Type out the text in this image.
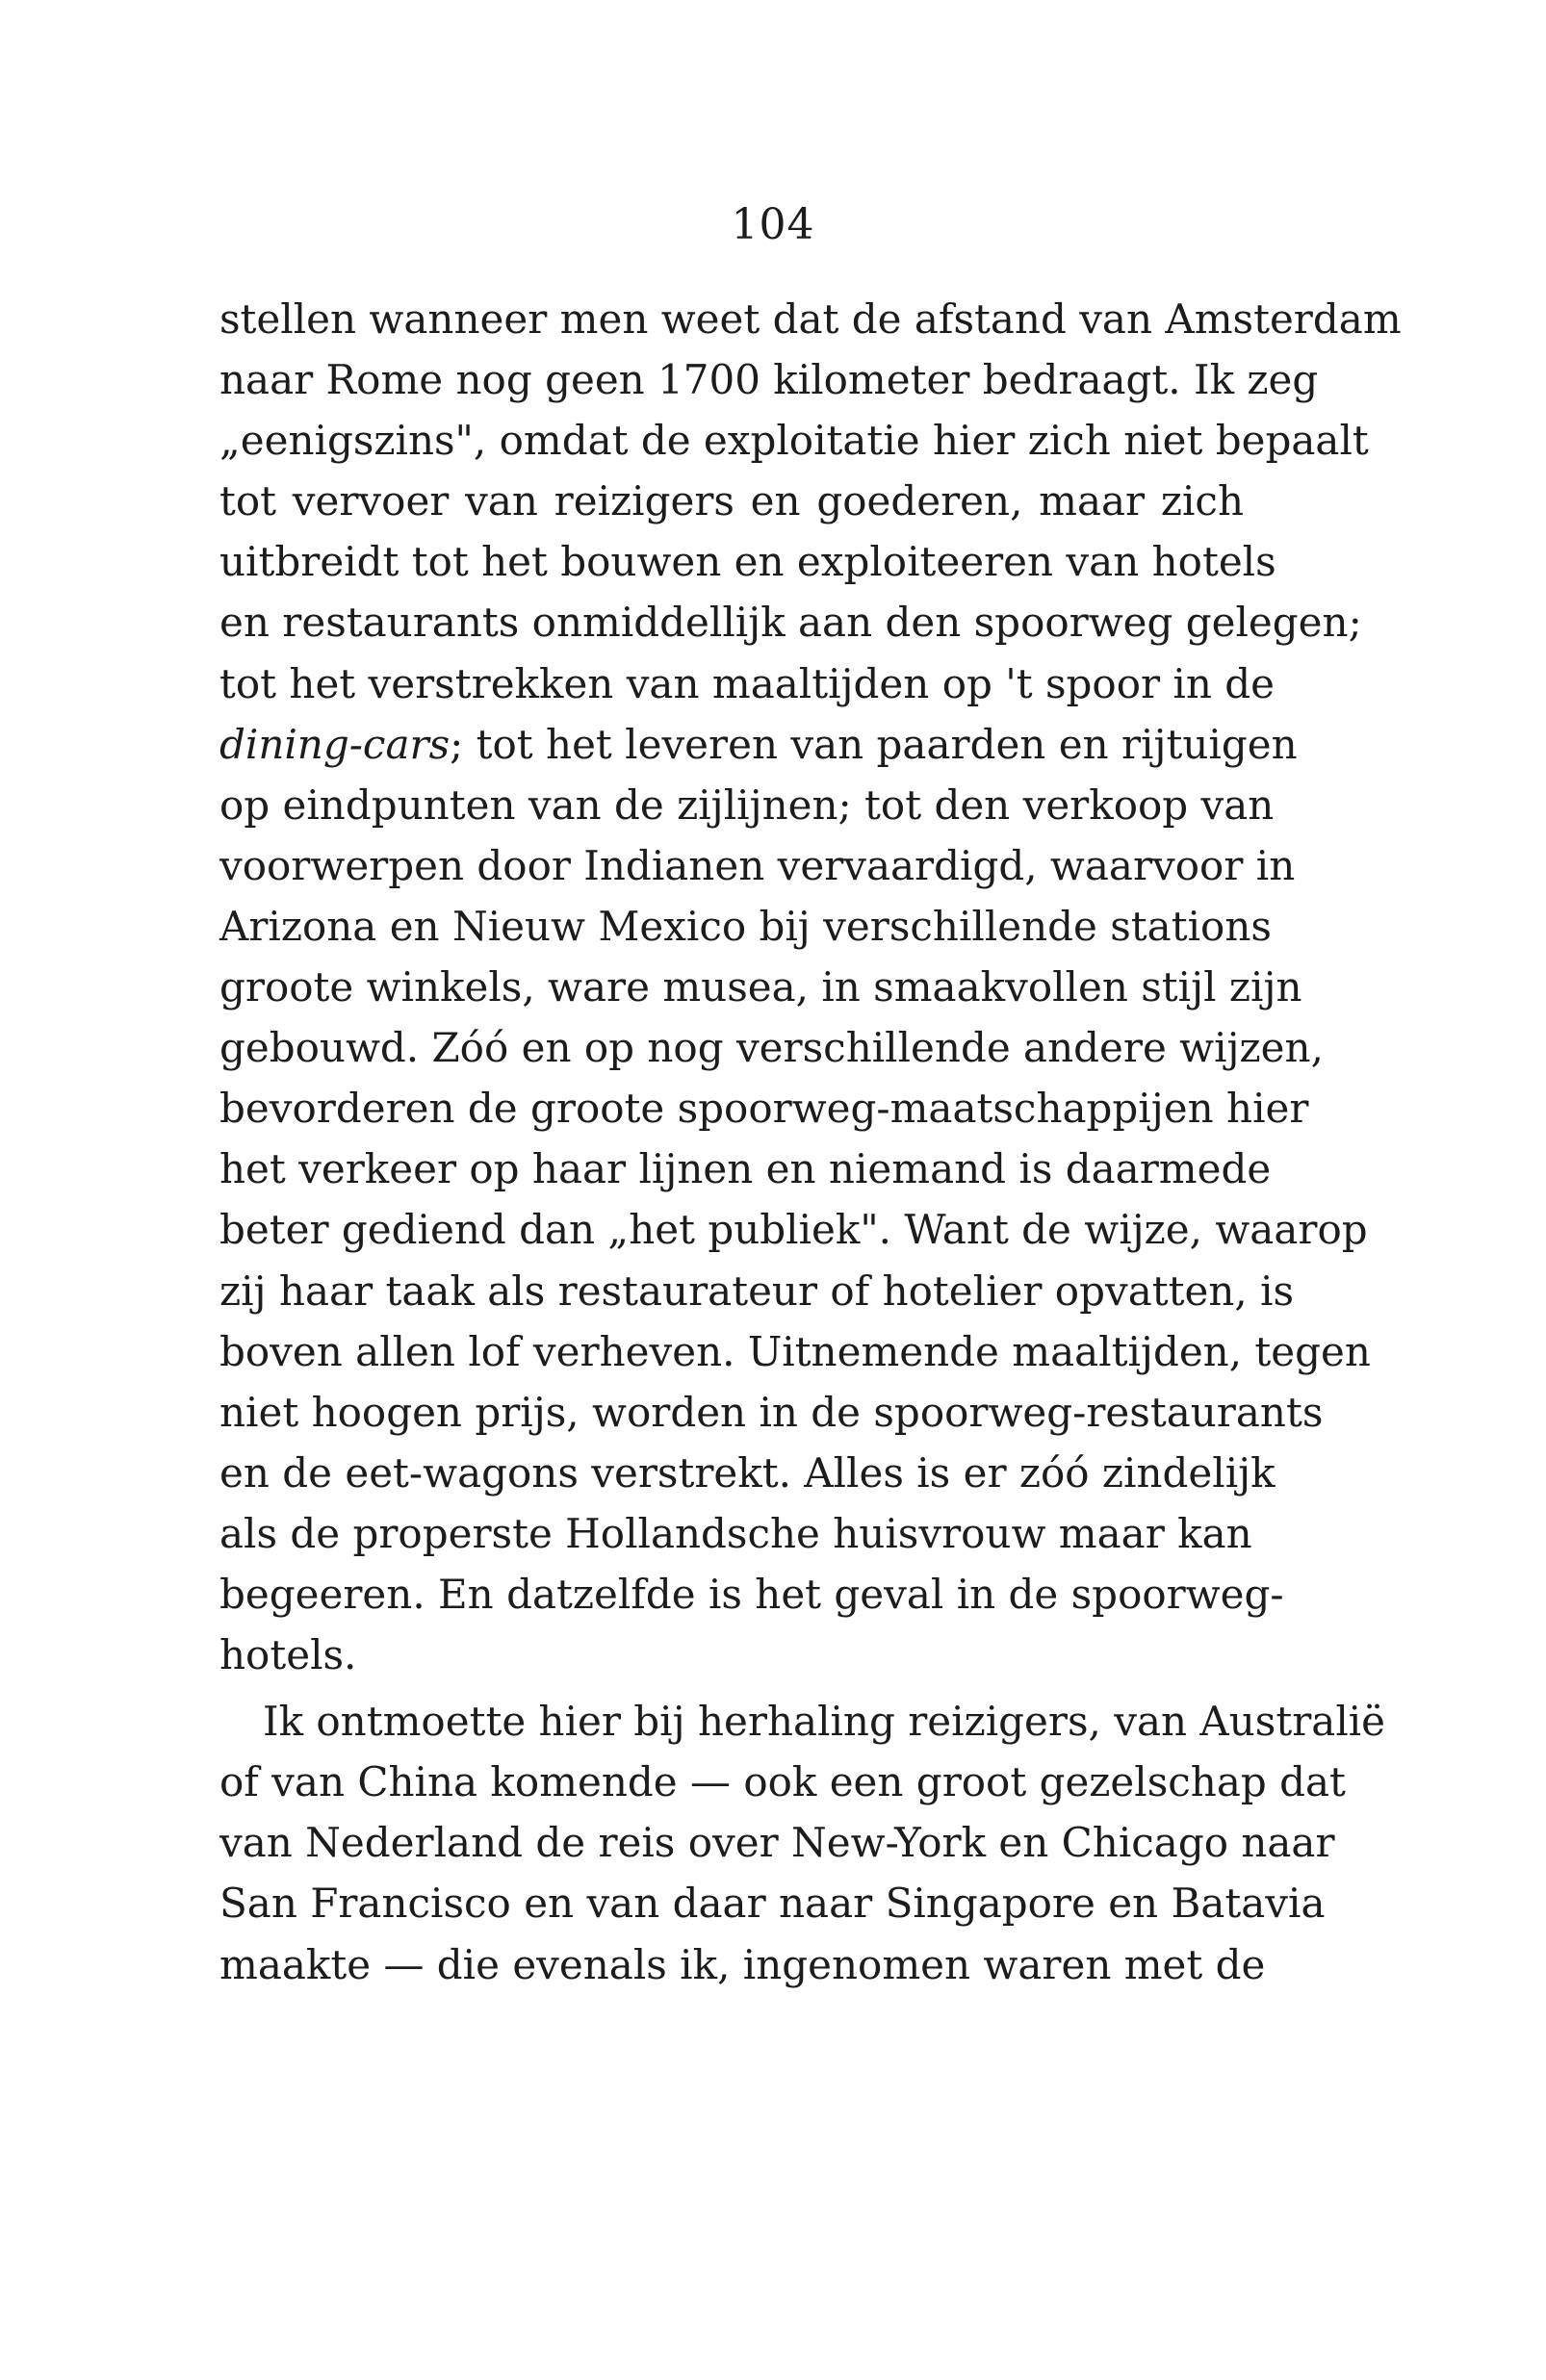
104
stellen wanneer men weet dat de afstand van Amsterdam
naar Rome nog geen 1700 kilometer bedraagt. Ik zeg
„eenigszins", omdat de exploitatie hier zich niet bepaalt
tot vervoer van reizigers en goederen, maar zich
uitbreidt tot het bouwen en exploiteeren van hotels
en restaurants onmiddellijk aan den spoorweg gelegen;
tot het verstrekken van maaltijden op 't spoor in de
dining-cars; tot het leveren van paarden en rijtuigen
op eindpunten van de zijlijnen; tot den verkoop van
voorwerpen door Indianen vervaardigd, waarvoor in
Arizona en Nieuw Mexico bij verschillende stations
groote winkels, ware musea, in smaakvollen stijl zijn
gebouwd. Zóó en op nog verschillende andere wijzen,
bevorderen de groote spoorweg-maatschappijen hier
het verkeer op haar lijnen en niemand is daarmede
beter gediend dan „het publiek". Want de wijze, waarop
zij haar taak als restaurateur of hotelier opvatten, is
boven allen lof verheven. Uitnemende maaltijden, tegen
niet hoogen prijs, worden in de spoorweg-restaurants
en de eet-wagons verstrekt. Alles is er zóó zindelijk
als de properste Hollandsche huisvrouw maar kan
begeeren. En datzelfde is het geval in de spoorweg-
hotels.
Ik ontmoette hier bij herhaling reizigers, van Australië
of van China komende — ook een groot gezelschap dat
van Nederland de reis over New-York en Chicago naar
San Francisco en van daar naar Singapore en Batavia
maakte — die evenals ik, ingenomen waren met de
